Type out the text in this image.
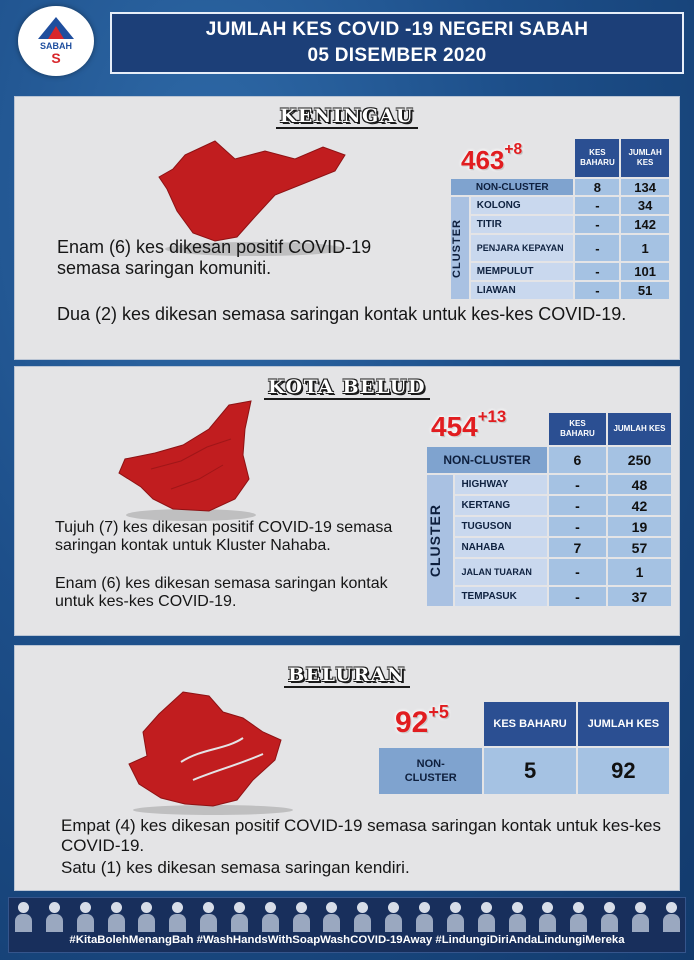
SABAH
S
JUMLAH KES COVID -19 NEGERI SABAH
05 DISEMBER 2020
KENINGAU
$463^{+8}$
		KES BAHARU	JUMLAH KES
NON-CLUSTER		8	134

CLUSTER	KOLONG	-	34
	TITIR	-	142
	PENJARA KEPAYAN	-	1
	MEMPULUT	-	101
	LIAWAN	-	51
Enam (6) kes dikesan positif COVID-19 semasa saringan komuniti.
Dua (2) kes dikesan semasa saringan kontak untuk kes-kes COVID-19.
KOTA BELUD
$454^{+13}$
		KES BAHARU	JUMLAH KES
NON-CLUSTER		6	250

CLUSTER	HIGHWAY	-	48
	KERTANG	-	42
	TUGUSON	-	19
	NAHABA	7	57
	JALAN TUARAN	-	1
	TEMPASUK	-	37
Tujuh (7) kes dikesan positif COVID-19 semasa saringan kontak untuk Kluster Nahaba.
Enam (6) kes dikesan semasa saringan kontak untuk kes-kes COVID-19.
BELURAN
$92^{+5}$
	KES BAHARU	JUMLAH KES
NON-CLUSTER	5	92
Empat (4) kes dikesan positif COVID-19 semasa saringan kontak untuk kes-kes COVID-19.
Satu (1) kes dikesan semasa saringan kendiri.
#KitaBolehMenangBah #WashHandsWithSoapWashCOVID-19Away #LindungiDiriAndaLindungiMereka
